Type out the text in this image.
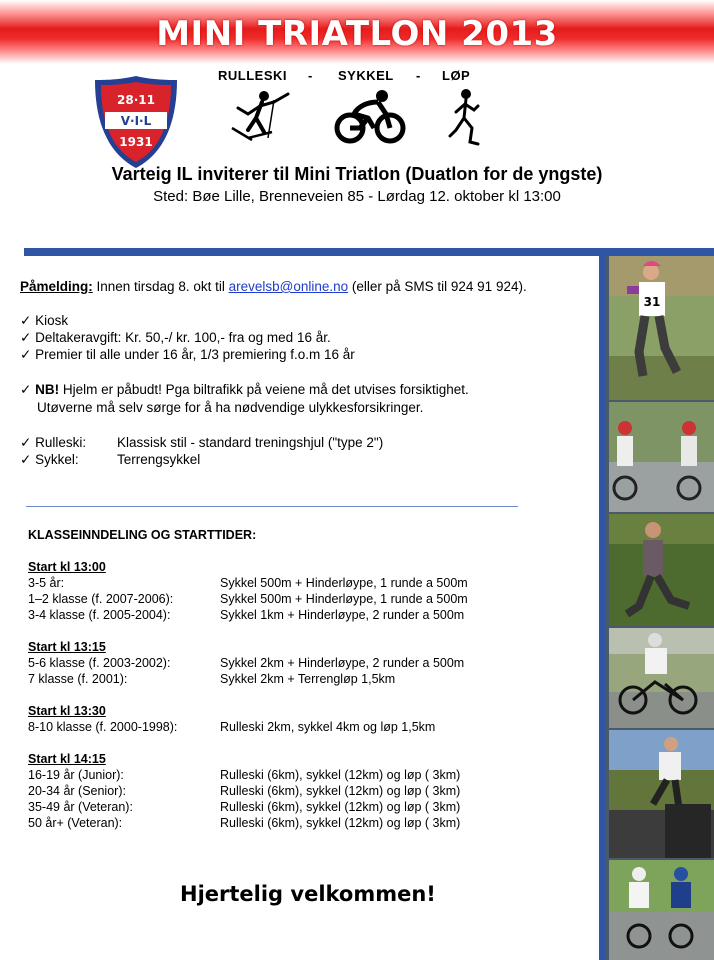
MINI TRIATLON 2013
28·11
V·I·L
1931
RULLESKI - SYKKEL - LØP
Varteig IL inviterer til Mini Triatlon (Duatlon for de yngste)
Sted: Bøe Lille, Brenneveien 85 - Lørdag 12. oktober kl 13:00
31
Påmelding: Innen tirsdag 8. okt til arevelsb@online.no (eller på SMS til 924 91 924).
✓ Kiosk
✓ Deltakeravgift: Kr. 50,-/ kr. 100,- fra og med 16 år.
✓ Premier til alle under 16 år, 1/3 premiering f.o.m 16 år
✓ NB! Hjelm er påbudt! Pga biltrafikk på veiene må det utvises forsiktighet.
Utøverne må selv sørge for å ha nødvendige ulykkesforsikringer.
✓ Rulleski: Klassisk stil - standard treningshjul ("type 2")
✓ Sykkel:	Terrengsykkel
KLASSEINNDELING OG STARTTIDER:
Start kl 13:00
3-5 år:	Sykkel 500m + Hinderløype, 1 runde a 500m
1–2 klasse (f. 2007-2006):	Sykkel 500m + Hinderløype, 1 runde a 500m
3-4 klasse (f. 2005-2004):	Sykkel 1km + Hinderløype, 2 runder a 500m
Start kl 13:15
5-6 klasse (f. 2003-2002):	Sykkel 2km + Hinderløype, 2 runder a 500m
7 klasse (f. 2001):	Sykkel 2km + Terrengløp 1,5km
Start kl 13:30
8-10 klasse (f. 2000-1998):	Rulleski 2km, sykkel 4km og løp 1,5km
Start kl 14:15
16-19 år (Junior):	Rulleski (6km), sykkel (12km) og løp ( 3km)
20-34 år (Senior):	Rulleski (6km), sykkel (12km) og løp ( 3km)
35-49 år (Veteran):	Rulleski (6km), sykkel (12km) og løp ( 3km)
50 år+ (Veteran):	Rulleski (6km), sykkel (12km) og løp ( 3km)
Hjertelig velkommen!
